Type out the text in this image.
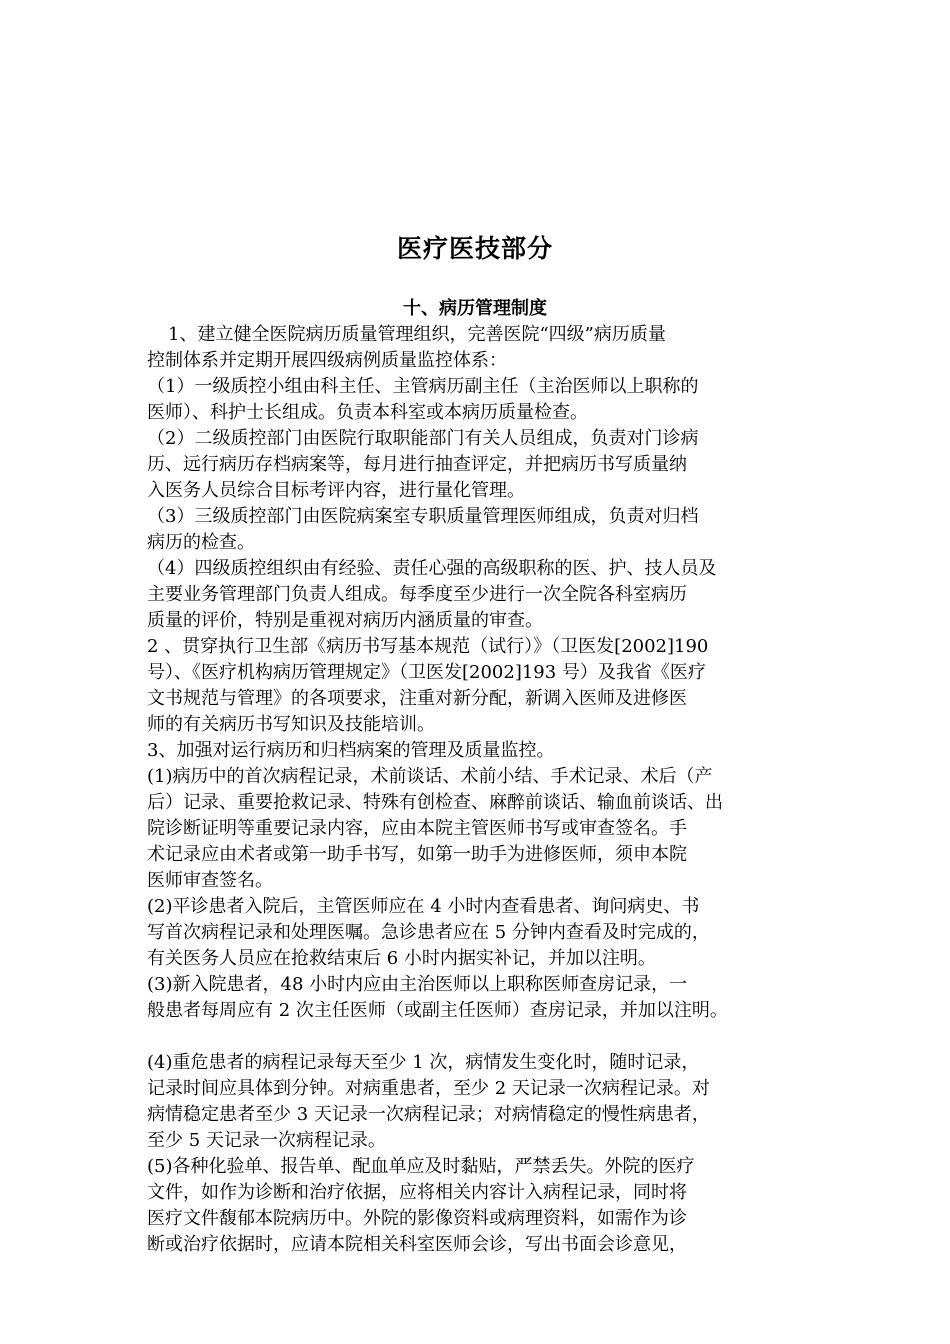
医疗医技部分
十、病历管理制度

1、建立健全医院病历质量管理组织，完善医院“四级”病历质量

控制体系并定期开展四级病例质量监控体系：

（1）一级质控小组由科主任、主管病历副主任（主治医师以上职称的

医师）、科护士长组成。负责本科室或本病历质量检查。

（2）二级质控部门由医院行取职能部门有关人员组成，负责对门诊病

历、远行病历存档病案等，每月进行抽查评定，并把病历书写质量纳

入医务人员综合目标考评内容，进行量化管理。

（3）三级质控部门由医院病案室专职质量管理医师组成，负责对归档

病历的检查。

（4）四级质控组织由有经验、责任心强的高级职称的医、护、技人员及

主要业务管理部门负责人组成。每季度至少进行一次全院各科室病历

质量的评价，特别是重视对病历内涵质量的审查。

2 、贯穿执行卫生部《病历书写基本规范（试行）》（卫医发[2002]190

号）、《医疗机构病历管理规定》（卫医发[2002]193 号）及我省《医疗

文书规范与管理》的各项要求，注重对新分配，新调入医师及进修医

师的有关病历书写知识及技能培训。

3、加强对运行病历和归档病案的管理及质量监控。

(1)病历中的首次病程记录，术前谈话、术前小结、手术记录、术后（产

后）记录、重要抢救记录、特殊有创检查、麻醉前谈话、输血前谈话、出

院诊断证明等重要记录内容，应由本院主管医师书写或审查签名。手

术记录应由术者或第一助手书写，如第一助手为进修医师，须申本院

医师审查签名。

(2)平诊患者入院后，主管医师应在 4 小时内查看患者、询问病史、书

写首次病程记录和处理医嘱。急诊患者应在 5 分钟内查看及时完成的，

有关医务人员应在抢救结束后 6 小时内据实补记，并加以注明。

(3)新入院患者，48 小时内应由主治医师以上职称医师查房记录，一

般患者每周应有 2 次主任医师（或副主任医师）查房记录，并加以注明。

(4)重危患者的病程记录每天至少 1 次，病情发生变化时，随时记录，

记录时间应具体到分钟。对病重患者，至少 2 天记录一次病程记录。对

病情稳定患者至少 3 天记录一次病程记录；对病情稳定的慢性病患者，

至少 5 天记录一次病程记录。

(5)各种化验单、报告单、配血单应及时黏贴，严禁丢失。外院的医疗

文件，如作为诊断和治疗依据，应将相关内容计入病程记录，同时将

医疗文件馥郁本院病历中。外院的影像资料或病理资料，如需作为诊

断或治疗依据时，应请本院相关科室医师会诊，写出书面会诊意见，
